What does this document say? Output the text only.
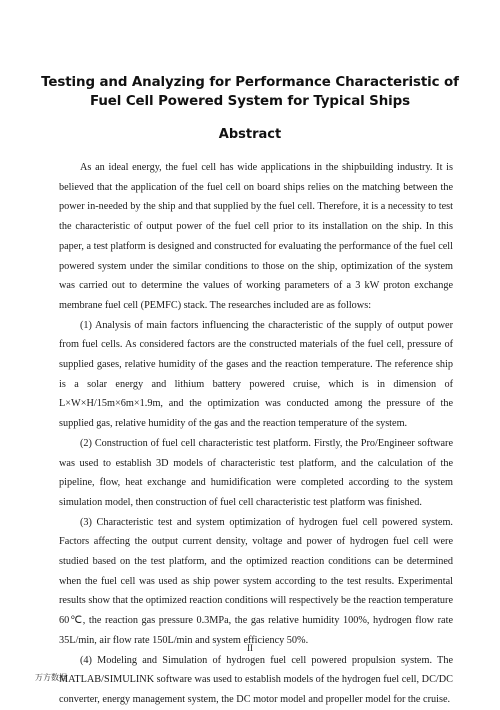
Testing and Analyzing for Performance Characteristic of
Fuel Cell Powered System for Typical Ships
Abstract

As an ideal energy, the fuel cell has wide applications in the shipbuilding industry. It is believed that the application of the fuel cell on board ships relies on the matching between the power in-needed by the ship and that supplied by the fuel cell. Therefore, it is a necessity to test the characteristic of output power of the fuel cell prior to its installation on the ship. In this paper, a test platform is designed and constructed for evaluating the performance of the fuel cell powered system under the similar conditions to those on the ship, optimization of the system was carried out to determine the values of working parameters of a 3 kW proton exchange membrane fuel cell (PEMFC) stack. The researches included are as follows:

(1) Analysis of main factors influencing the characteristic of the supply of output power from fuel cells. As considered factors are the constructed materials of the fuel cell, pressure of supplied gases, relative humidity of the gases and the reaction temperature. The reference ship is a solar energy and lithium battery powered cruise, which is in dimension of L×W×H/15m×6m×1.9m, and the optimization was conducted among the pressure of the supplied gas, relative humidity of the gas and the reaction temperature of the system.

(2) Construction of fuel cell characteristic test platform. Firstly, the Pro/Engineer software was used to establish 3D models of characteristic test platform, and the calculation of the pipeline, flow, heat exchange and humidification were completed according to the system simulation model, then construction of fuel cell characteristic test platform was finished.

(3) Characteristic test and system optimization of hydrogen fuel cell powered system. Factors affecting the output current density, voltage and power of hydrogen fuel cell were studied based on the test platform, and the optimized reaction conditions can be determined when the fuel cell was used as ship power system according to the test results. Experimental results show that the optimized reaction conditions will respectively be the reaction temperature 60℃, the reaction gas pressure 0.3MPa, the gas relative humidity 100%, hydrogen flow rate 35L/min, air flow rate 150L/min and system efficiency 50%.

(4) Modeling and Simulation of hydrogen fuel cell powered propulsion system. The MATLAB/SIMULINK software was used to establish models of the hydrogen fuel cell, DC/DC converter, energy management system, the DC motor model and propeller model for the cruise.

II
万方数据
